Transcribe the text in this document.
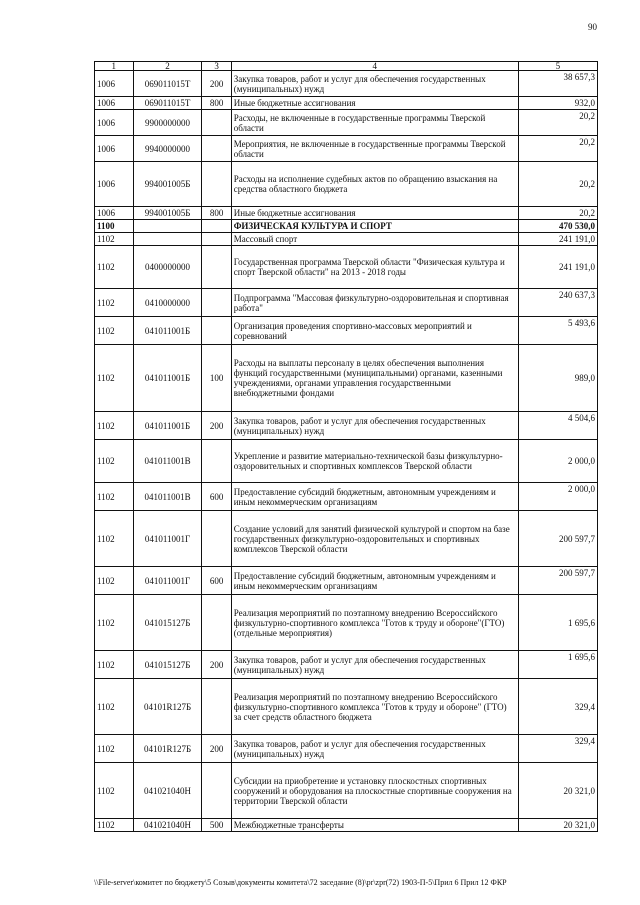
90
1	2	3	4	5
1006	069011015Т	200	Закупка товаров, работ и услуг для обеспечения государственных (муниципальных) нужд	38 657,3
1006	069011015Т	800	Иные бюджетные ассигнования	932,0
1006	9900000000		Расходы, не включенные в государственные программы Тверской области	20,2
1006	9940000000		Мероприятия, не включенные в государственные программы Тверской области	20,2
1006	994001005Б		Расходы на исполнение судебных актов по обращению взыскания на средства областного бюджета	20,2
1006	994001005Б	800	Иные бюджетные ассигнования	20,2
1100			ФИЗИЧЕСКАЯ КУЛЬТУРА И СПОРТ	470 530,0
1102			Массовый спорт	241 191,0
1102	0400000000		Государственная программа Тверской области "Физическая культура и спорт Тверской области" на 2013 - 2018 годы	241 191,0
1102	0410000000		Подпрограмма "Массовая физкультурно-оздоровительная и спортивная работа"	240 637,3
1102	041011001Б		Организация проведения спортивно-массовых мероприятий и соревнований	5 493,6
1102	041011001Б	100	Расходы на выплаты персоналу в целях обеспечения выполнения функций государственными (муниципальными) органами, казенными учреждениями, органами управления государственными внебюджетными фондами	989,0
1102	041011001Б	200	Закупка товаров, работ и услуг для обеспечения государственных (муниципальных) нужд	4 504,6
1102	041011001В		Укрепление и развитие материально-технической базы физкультурно-оздоровительных и спортивных комплексов Тверской области	2 000,0
1102	041011001В	600	Предоставление субсидий бюджетным, автономным учреждениям и иным некоммерческим организациям	2 000,0
1102	041011001Г		Создание условий для занятий физической культурой и спортом на базе государственных физкультурно-оздоровительных и спортивных комплексов Тверской области	200 597,7
1102	041011001Г	600	Предоставление субсидий бюджетным, автономным учреждениям и иным некоммерческим организациям	200 597,7
1102	041015127Б		Реализация мероприятий по поэтапному внедрению Всероссийского физкультурно-спортивного комплекса "Готов к труду и обороне"(ГТО) (отдельные мероприятия)	1 695,6
1102	041015127Б	200	Закупка товаров, работ и услуг для обеспечения государственных (муниципальных) нужд	1 695,6
1102	04101R127Б		Реализация мероприятий по поэтапному внедрению Всероссийского физкультурно-спортивного комплекса "Готов к труду и обороне" (ГТО) за счет средств областного бюджета	329,4
1102	04101R127Б	200	Закупка товаров, работ и услуг для обеспечения государственных (муниципальных) нужд	329,4
1102	041021040Н		Субсидии на приобретение и установку плоскостных спортивных сооружений и оборудования на плоскостные спортивные сооружения на территории Тверской области	20 321,0
1102	041021040Н	500	Межбюджетные трансферты	20 321,0
\\File-server\комитет по бюджету\5 Созыв\документы комитета\72 заседание (8)\pr\zpr(72) 1903-П-5\Прил 6 Прил 12 ФКР
